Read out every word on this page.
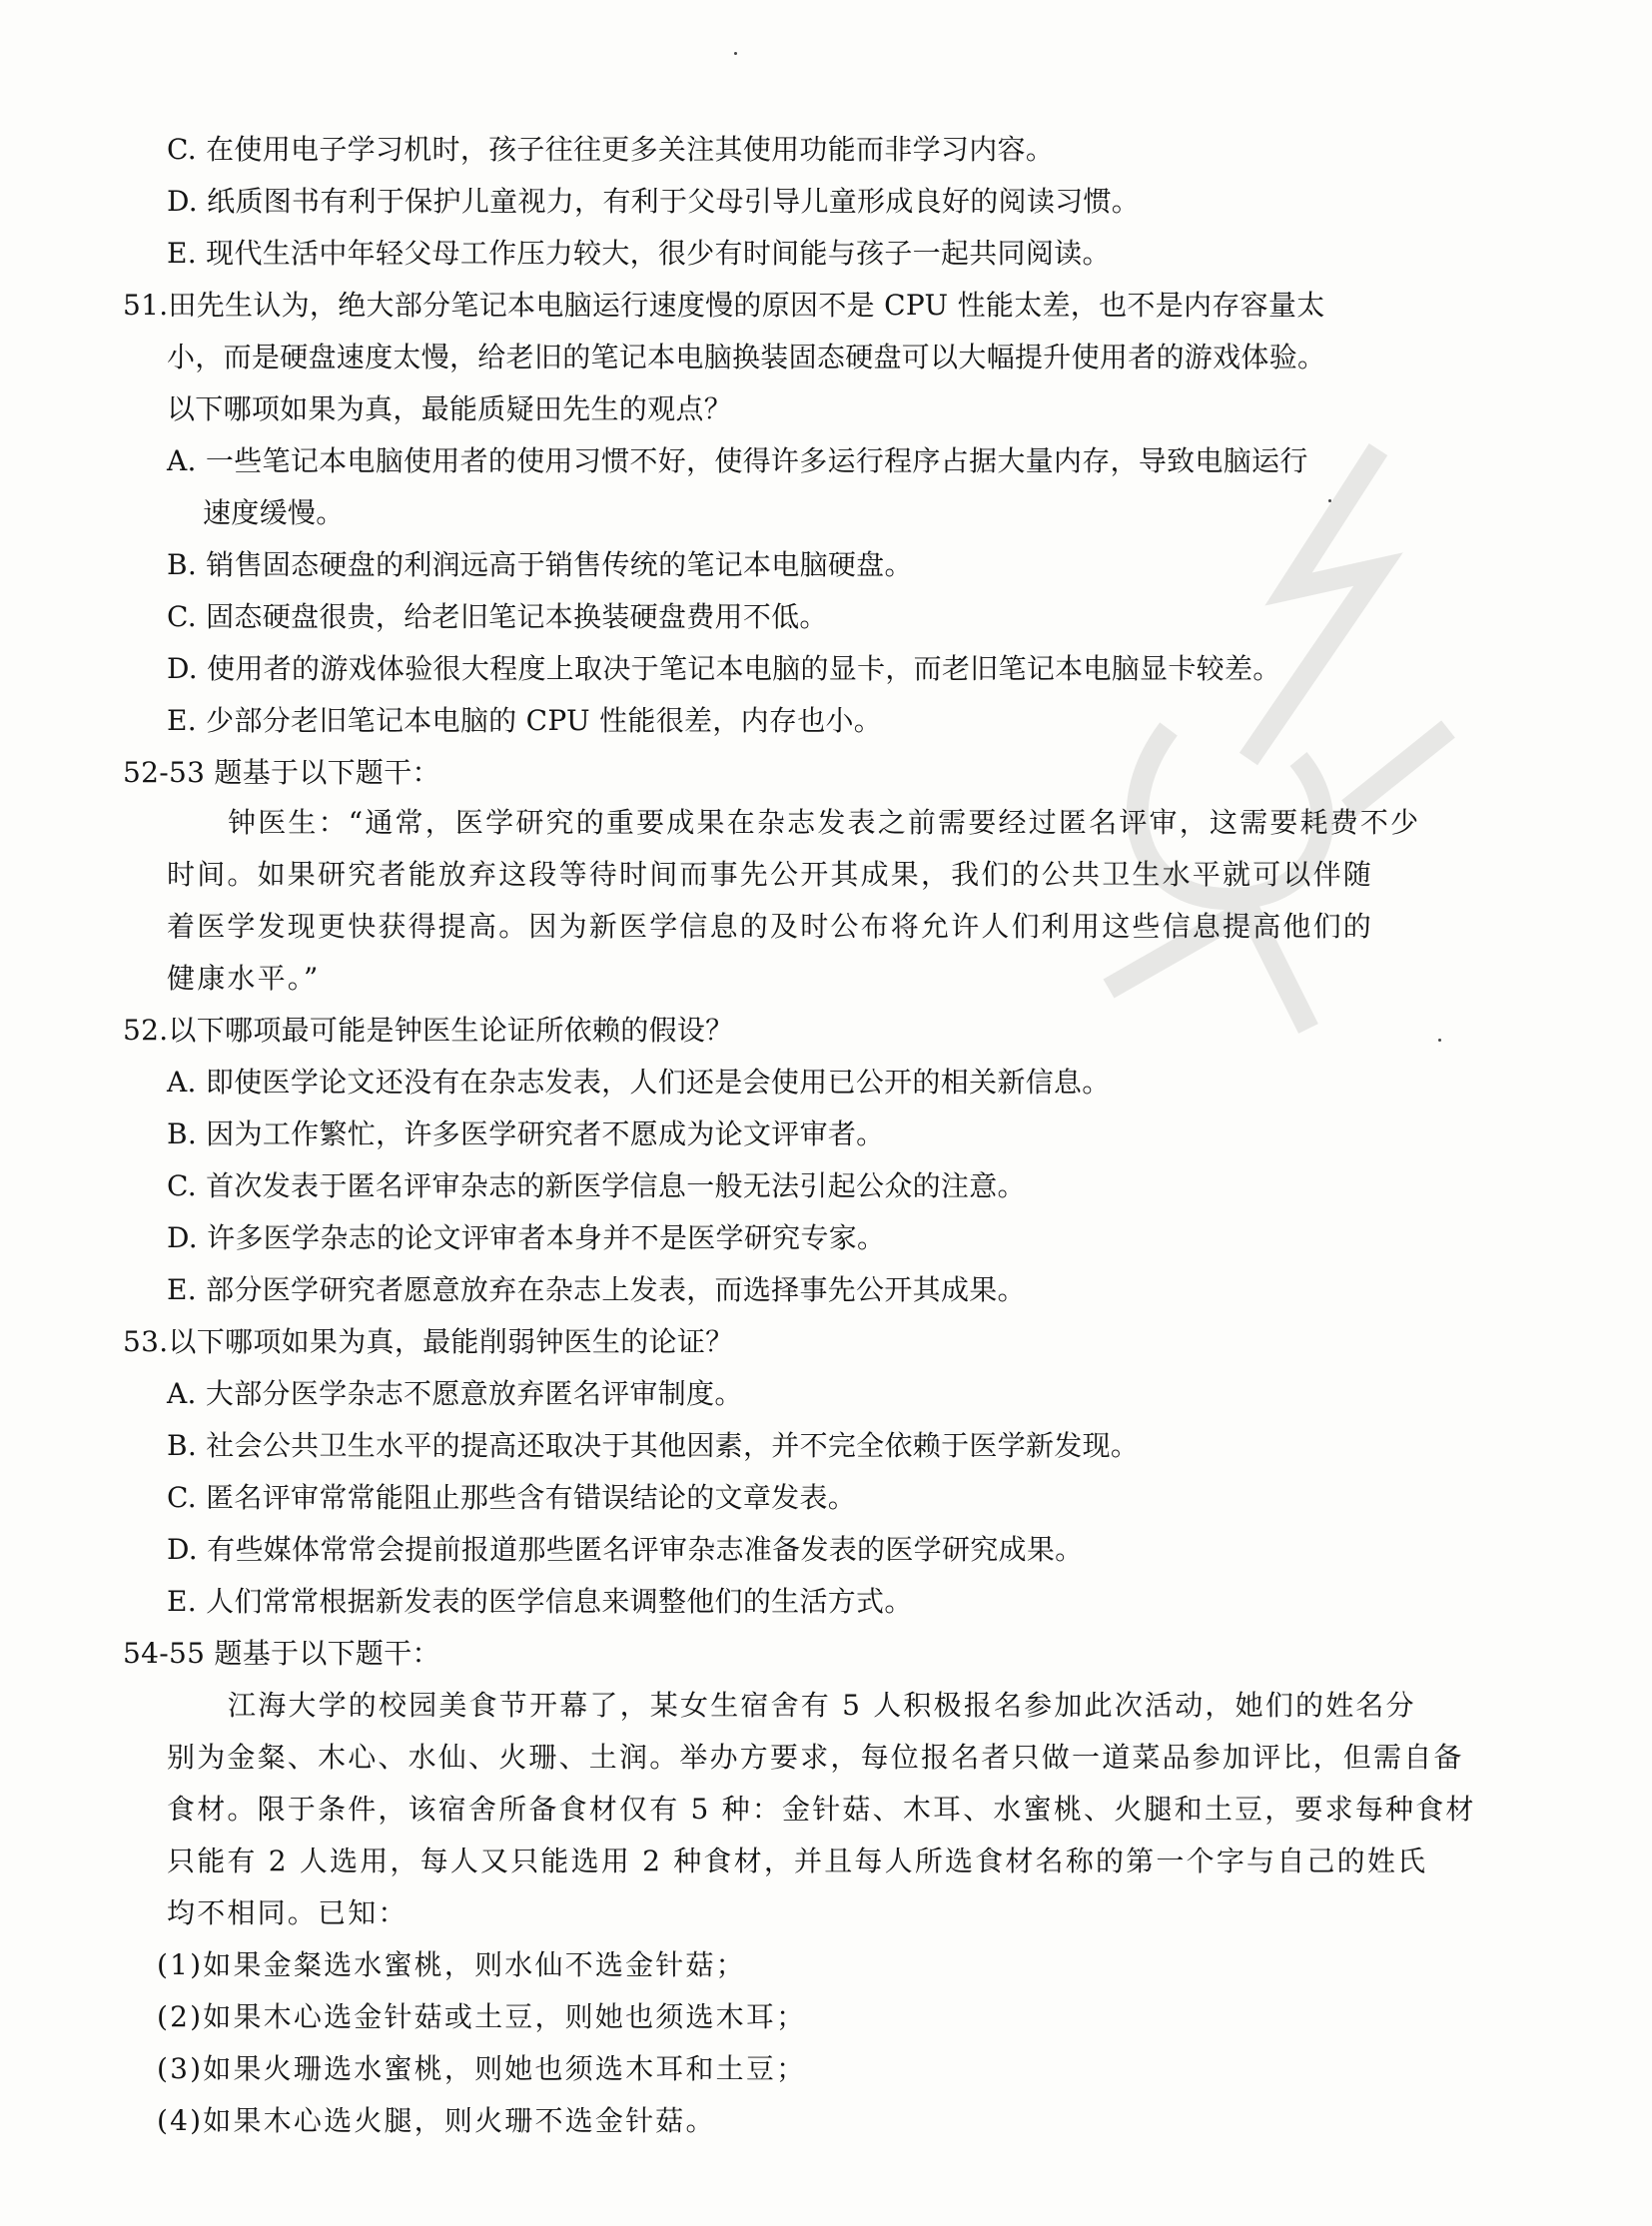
C. 在使用电子学习机时，孩子往往更多关注其使用功能而非学习内容。
D. 纸质图书有利于保护儿童视力，有利于父母引导儿童形成良好的阅读习惯。
E. 现代生活中年轻父母工作压力较大，很少有时间能与孩子一起共同阅读。
51.田先生认为，绝大部分笔记本电脑运行速度慢的原因不是 CPU 性能太差，也不是内存容量太
小，而是硬盘速度太慢，给老旧的笔记本电脑换装固态硬盘可以大幅提升使用者的游戏体验。
以下哪项如果为真，最能质疑田先生的观点？
A. 一些笔记本电脑使用者的使用习惯不好，使得许多运行程序占据大量内存，导致电脑运行
速度缓慢。
B. 销售固态硬盘的利润远高于销售传统的笔记本电脑硬盘。
C. 固态硬盘很贵，给老旧笔记本换装硬盘费用不低。
D. 使用者的游戏体验很大程度上取决于笔记本电脑的显卡，而老旧笔记本电脑显卡较差。
E. 少部分老旧笔记本电脑的 CPU 性能很差，内存也小。
52-53 题基于以下题干：
钟医生：“通常，医学研究的重要成果在杂志发表之前需要经过匿名评审，这需要耗费不少
时间。如果研究者能放弃这段等待时间而事先公开其成果，我们的公共卫生水平就可以伴随
着医学发现更快获得提高。因为新医学信息的及时公布将允许人们利用这些信息提高他们的
健康水平。”
52.以下哪项最可能是钟医生论证所依赖的假设？
A. 即使医学论文还没有在杂志发表，人们还是会使用已公开的相关新信息。
B. 因为工作繁忙，许多医学研究者不愿成为论文评审者。
C. 首次发表于匿名评审杂志的新医学信息一般无法引起公众的注意。
D. 许多医学杂志的论文评审者本身并不是医学研究专家。
E. 部分医学研究者愿意放弃在杂志上发表，而选择事先公开其成果。
53.以下哪项如果为真，最能削弱钟医生的论证？
A. 大部分医学杂志不愿意放弃匿名评审制度。
B. 社会公共卫生水平的提高还取决于其他因素，并不完全依赖于医学新发现。
C. 匿名评审常常能阻止那些含有错误结论的文章发表。
D. 有些媒体常常会提前报道那些匿名评审杂志准备发表的医学研究成果。
E. 人们常常根据新发表的医学信息来调整他们的生活方式。
54-55 题基于以下题干：
江海大学的校园美食节开幕了，某女生宿舍有 5 人积极报名参加此次活动，她们的姓名分
别为金粲、木心、水仙、火珊、土润。举办方要求，每位报名者只做一道菜品参加评比，但需自备
食材。限于条件，该宿舍所备食材仅有 5 种：金针菇、木耳、水蜜桃、火腿和土豆，要求每种食材
只能有 2 人选用，每人又只能选用 2 种食材，并且每人所选食材名称的第一个字与自己的姓氏
均不相同。已知：
(1)如果金粲选水蜜桃，则水仙不选金针菇；
(2)如果木心选金针菇或土豆，则她也须选木耳；
(3)如果火珊选水蜜桃，则她也须选木耳和土豆；
(4)如果木心选火腿，则火珊不选金针菇。
